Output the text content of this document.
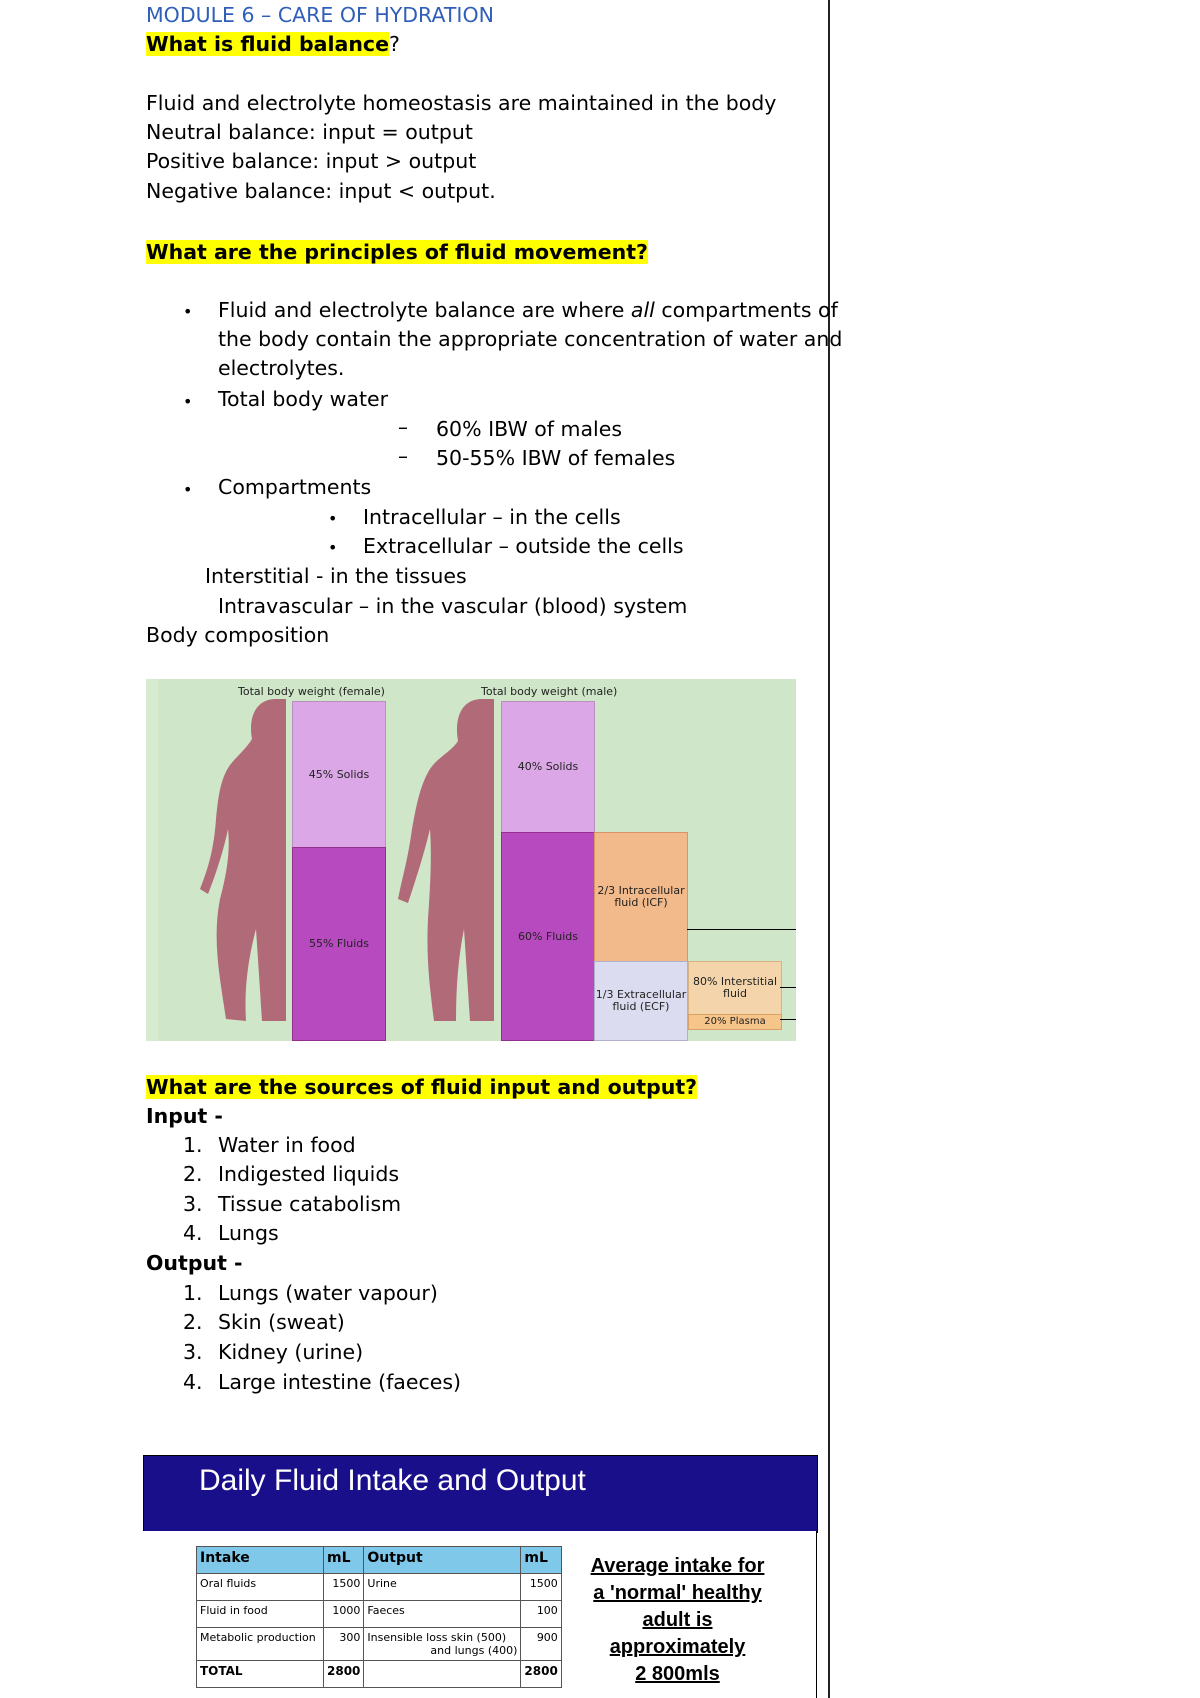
MODULE 6 – CARE OF HYDRATION
What is fluid balance?
Fluid and electrolyte homeostasis are maintained in the body
Neutral balance: input = output
Positive balance: input > output
Negative balance: input < output.
What are the principles of fluid movement?
• Fluid and electrolyte balance are where all compartments of
the body contain the appropriate concentration of water and
electrolytes.
• Total body water
– 60% IBW of males
– 50-55% IBW of females
• Compartments
• Intracellular – in the cells
• Extracellular – outside the cells
Interstitial - in the tissues
Intravascular – in the vascular (blood) system
Body composition
Total body weight (female)	Total body weight (male)
45% Solids
55% Fluids
40% Solids
60% Fluids
2/3 Intracellular fluid (ICF)
1/3 Extracellular fluid (ECF)
80% Interstitial fluid
20% Plasma
What are the sources of fluid input and output?
Input -
1. Water in food
2. Indigested liquids
3. Tissue catabolism
4. Lungs
Output -
1. Lungs (water vapour)
2. Skin (sweat)
3. Kidney (urine)
4. Large intestine (faeces)
Daily Fluid Intake and Output
Intake	mL	Output	mL
Oral fluids	1500	Urine	1500
Fluid in food	1000	Faeces	100
Metabolic production	300	Insensible loss skin (500)
and lungs (400)	900
TOTAL	2800		2800
Average intake for
a 'normal' healthy
adult is
approximately
2 800mls
